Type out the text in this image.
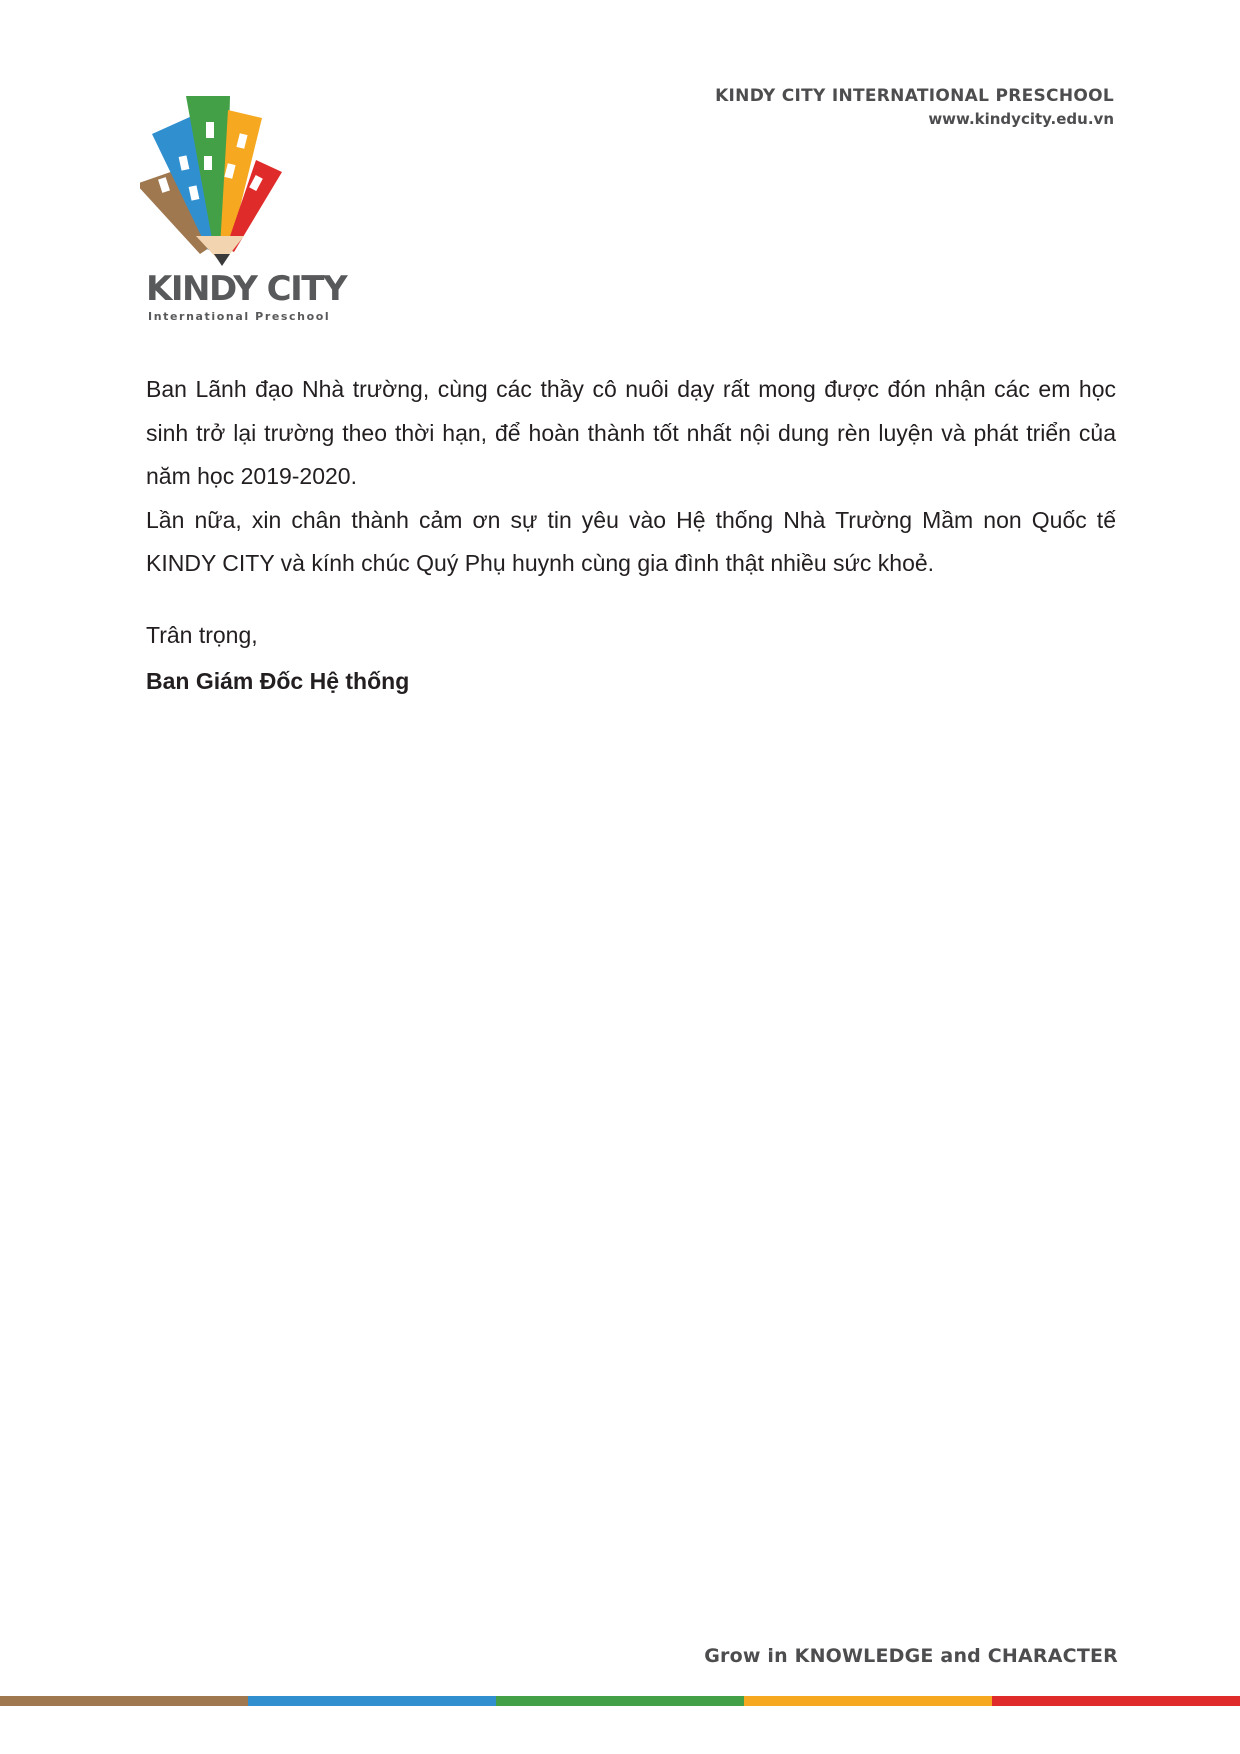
KINDY CITY
International Preschool
KINDY CITY INTERNATIONAL PRESCHOOL
www.kindycity.edu.vn

Ban Lãnh đạo Nhà trường, cùng các thầy cô nuôi dạy rất mong được đón nhận các em học sinh trở lại trường theo thời hạn, để hoàn thành tốt nhất nội dung rèn luyện và phát triển của năm học 2019-2020.

Lần nữa, xin chân thành cảm ơn sự tin yêu vào Hệ thống Nhà Trường Mầm non Quốc tế KINDY CITY và kính chúc Quý Phụ huynh cùng gia đình thật nhiều sức khoẻ.

Trân trọng,
Ban Giám Đốc Hệ thống
Grow in KNOWLEDGE and CHARACTER
